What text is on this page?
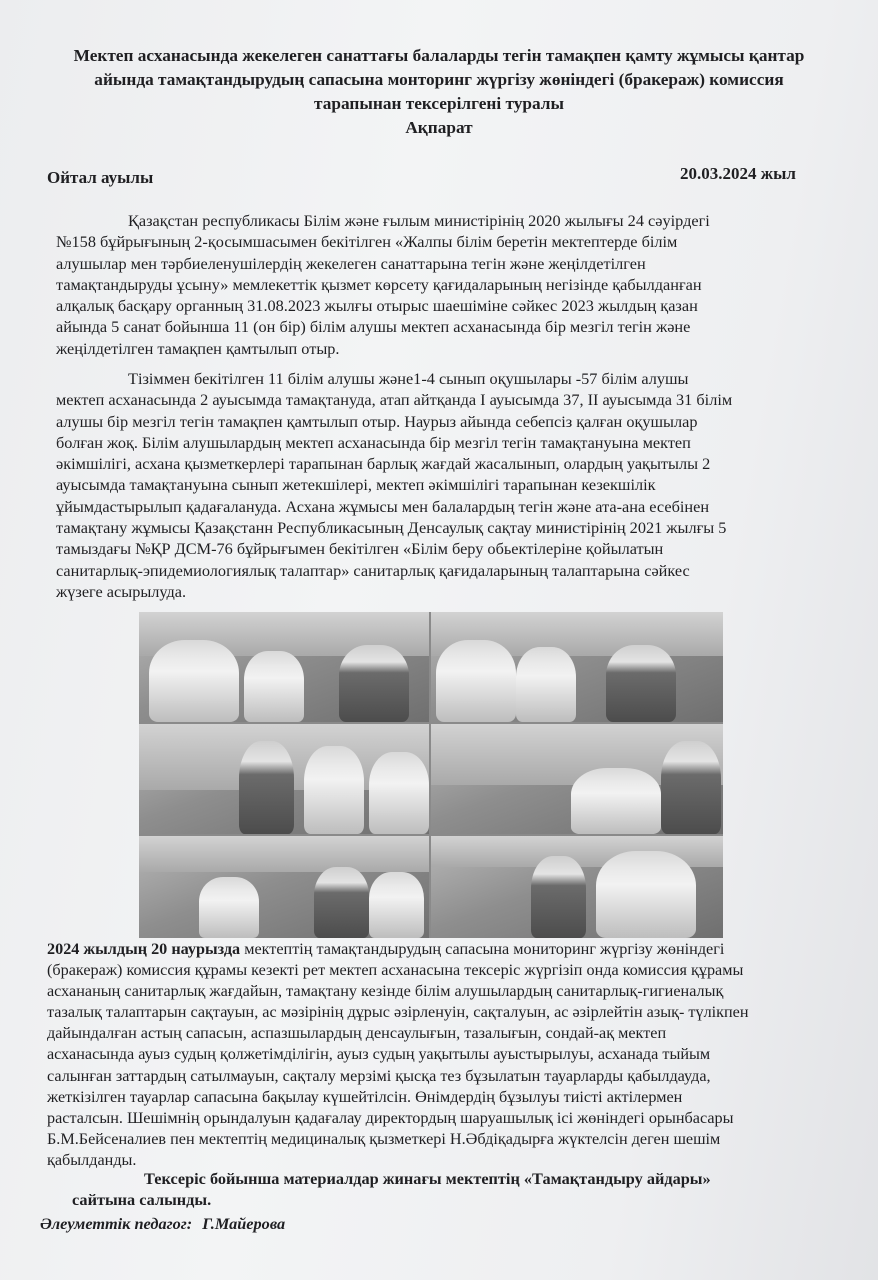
Мектеп асханасында жекелеген санаттағы балаларды тегін тамақпен қамту жұмысы қантар
айында тамақтандырудың сапасына монторинг жүргізу жөніндегі (бракераж) комиссия
тарапынан тексерілгені туралы
Ақпарат

Ойтал ауылы	20.03.2024 жыл

Қазақстан республикасы Білім және ғылым министірінің 2020 жылығы 24 сәуірдегі
№158 бұйрығының 2-қосымшасымен бекітілген «Жалпы білім беретін мектептерде білім
алушылар мен тәрбиеленушілердің жекелеген санаттарына тегін және жеңілдетілген
тамақтандыруды ұсыну» мемлекеттік қызмет көрсету қағидаларының негізінде қабылданған
алқалық басқару органның 31.08.2023 жылғы отырыс шаешіміне сәйкес 2023 жылдың қазан
айында 5 санат бойынша 11 (он бір) білім алушы мектеп асханасында бір мезгіл тегін және
жеңілдетілген тамақпен қамтылып отыр.
Тізіммен бекітілген 11 білім алушы және1-4 сынып оқушылары -57 білім алушы
мектеп асханасында 2 ауысымда тамақтануда, атап айтқанда І ауысымда 37, ІІ ауысымда 31 білім
алушы бір мезгіл тегін тамақпен қамтылып отыр. Наурыз айында себепсіз қалған оқушылар
болған жоқ. Білім алушылардың мектеп асханасында бір мезгіл тегін тамақтануына мектеп
әкімшілігі, асхана қызметкерлері тарапынан барлық жағдай жасалынып, олардың уақытылы 2
ауысымда тамақтануына сынып жетекшілері, мектеп әкімшілігі тарапынан кезекшілік
ұйымдастырылып қадағалануда. Асхана жұмысы мен балалардың тегін және ата-ана есебінен
тамақтану жұмысы Қазақстанн Республикасының Денсаулық сақтау министірінің 2021 жылғы 5
тамыздағы №ҚР ДСМ-76 бұйрығымен бекітілген «Білім беру обьектілеріне қойылатын
санитарлық-эпидемиологиялық талаптар» санитарлық қағидаларының талаптарына сәйкес
жүзеге асырылуда.
2024 жылдың 20 наурызда мектептің тамақтандырудың сапасына мониторинг жүргізу жөніндегі
(бракераж) комиссия құрамы кезекті рет мектеп асханасына тексеріс жүргізіп онда комиссия құрамы
асхананың санитарлық жағдайын, тамақтану кезінде білім алушылардың санитарлық-гигиеналық
тазалық талаптарын сақтауын, ас мәзірінің дұрыс әзірленуін, сақталуын, ас әзірлейтін азық- түлікпен
дайындалған астың сапасын, аспазшылардың денсаулығын, тазалығын, сондай-ақ мектеп
асханасында ауыз судың қолжетімділігін, ауыз судың уақытылы ауыстырылуы, асханада тыйым
салынған заттардың сатылмауын, сақталу мерзімі қысқа тез бұзылатын тауарларды қабылдауда,
жеткізілген тауарлар сапасына бақылау күшейтілсін. Өнімдердің бұзылуы тиісті актілермен
расталсын. Шешімнің орындалуын қадағалау директордың шаруашылық ісі жөніндегі орынбасары
Б.М.Бейсеналиев пен мектептің медициналық қызметкері Н.Әбдіқадырға жүктелсін деген шешім
қабылданды.
Тексеріс бойынша материалдар жинағы мектептің «Тамақтандыру айдары»
сайтына салынды.

Әлеуметтік педагог: Г.Майерова
